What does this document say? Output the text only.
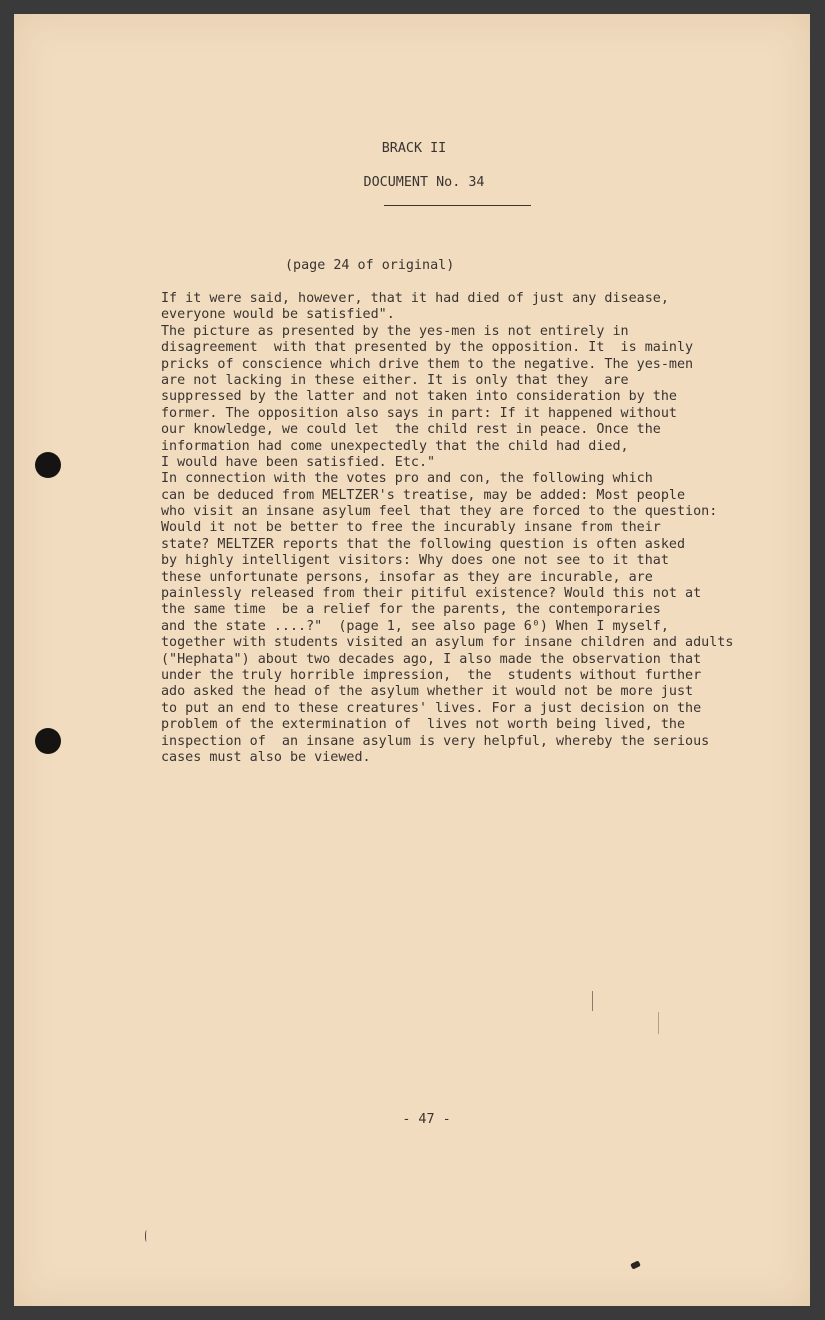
BRACK II
DOCUMENT No. 34
(page 24 of original)
If it were said, however, that it had died of just any disease,
everyone would be satisfied".
The picture as presented by the yes-men is not entirely in
disagreement  with that presented by the opposition. It  is mainly
pricks of conscience which drive them to the negative. The yes-men
are not lacking in these either. It is only that they  are
suppressed by the latter and not taken into consideration by the
former. The opposition also says in part: If it happened without
our knowledge, we could let  the child rest in peace. Once the
information had come unexpectedly that the child had died,
I would have been satisfied. Etc."
In connection with the votes pro and con, the following which
can be deduced from MELTZER's treatise, may be added: Most people
who visit an insane asylum feel that they are forced to the question:
Would it not be better to free the incurably insane from their
state? MELTZER reports that the following question is often asked
by highly intelligent visitors: Why does one not see to it that
these unfortunate persons, insofar as they are incurable, are
painlessly released from their pitiful existence? Would this not at
the same time  be a relief for the parents, the contemporaries
and the state ....?"  (page 1, see also page 6⁰) When I myself,
together with students visited an asylum for insane children and adults
("Hephata") about two decades ago, I also made the observation that
under the truly horrible impression,  the  students without further
ado asked the head of the asylum whether it would not be more just
to put an end to these creatures' lives. For a just decision on the
problem of the extermination of  lives not worth being lived, the
inspection of  an insane asylum is very helpful, whereby the serious
cases must also be viewed.
- 47 -
